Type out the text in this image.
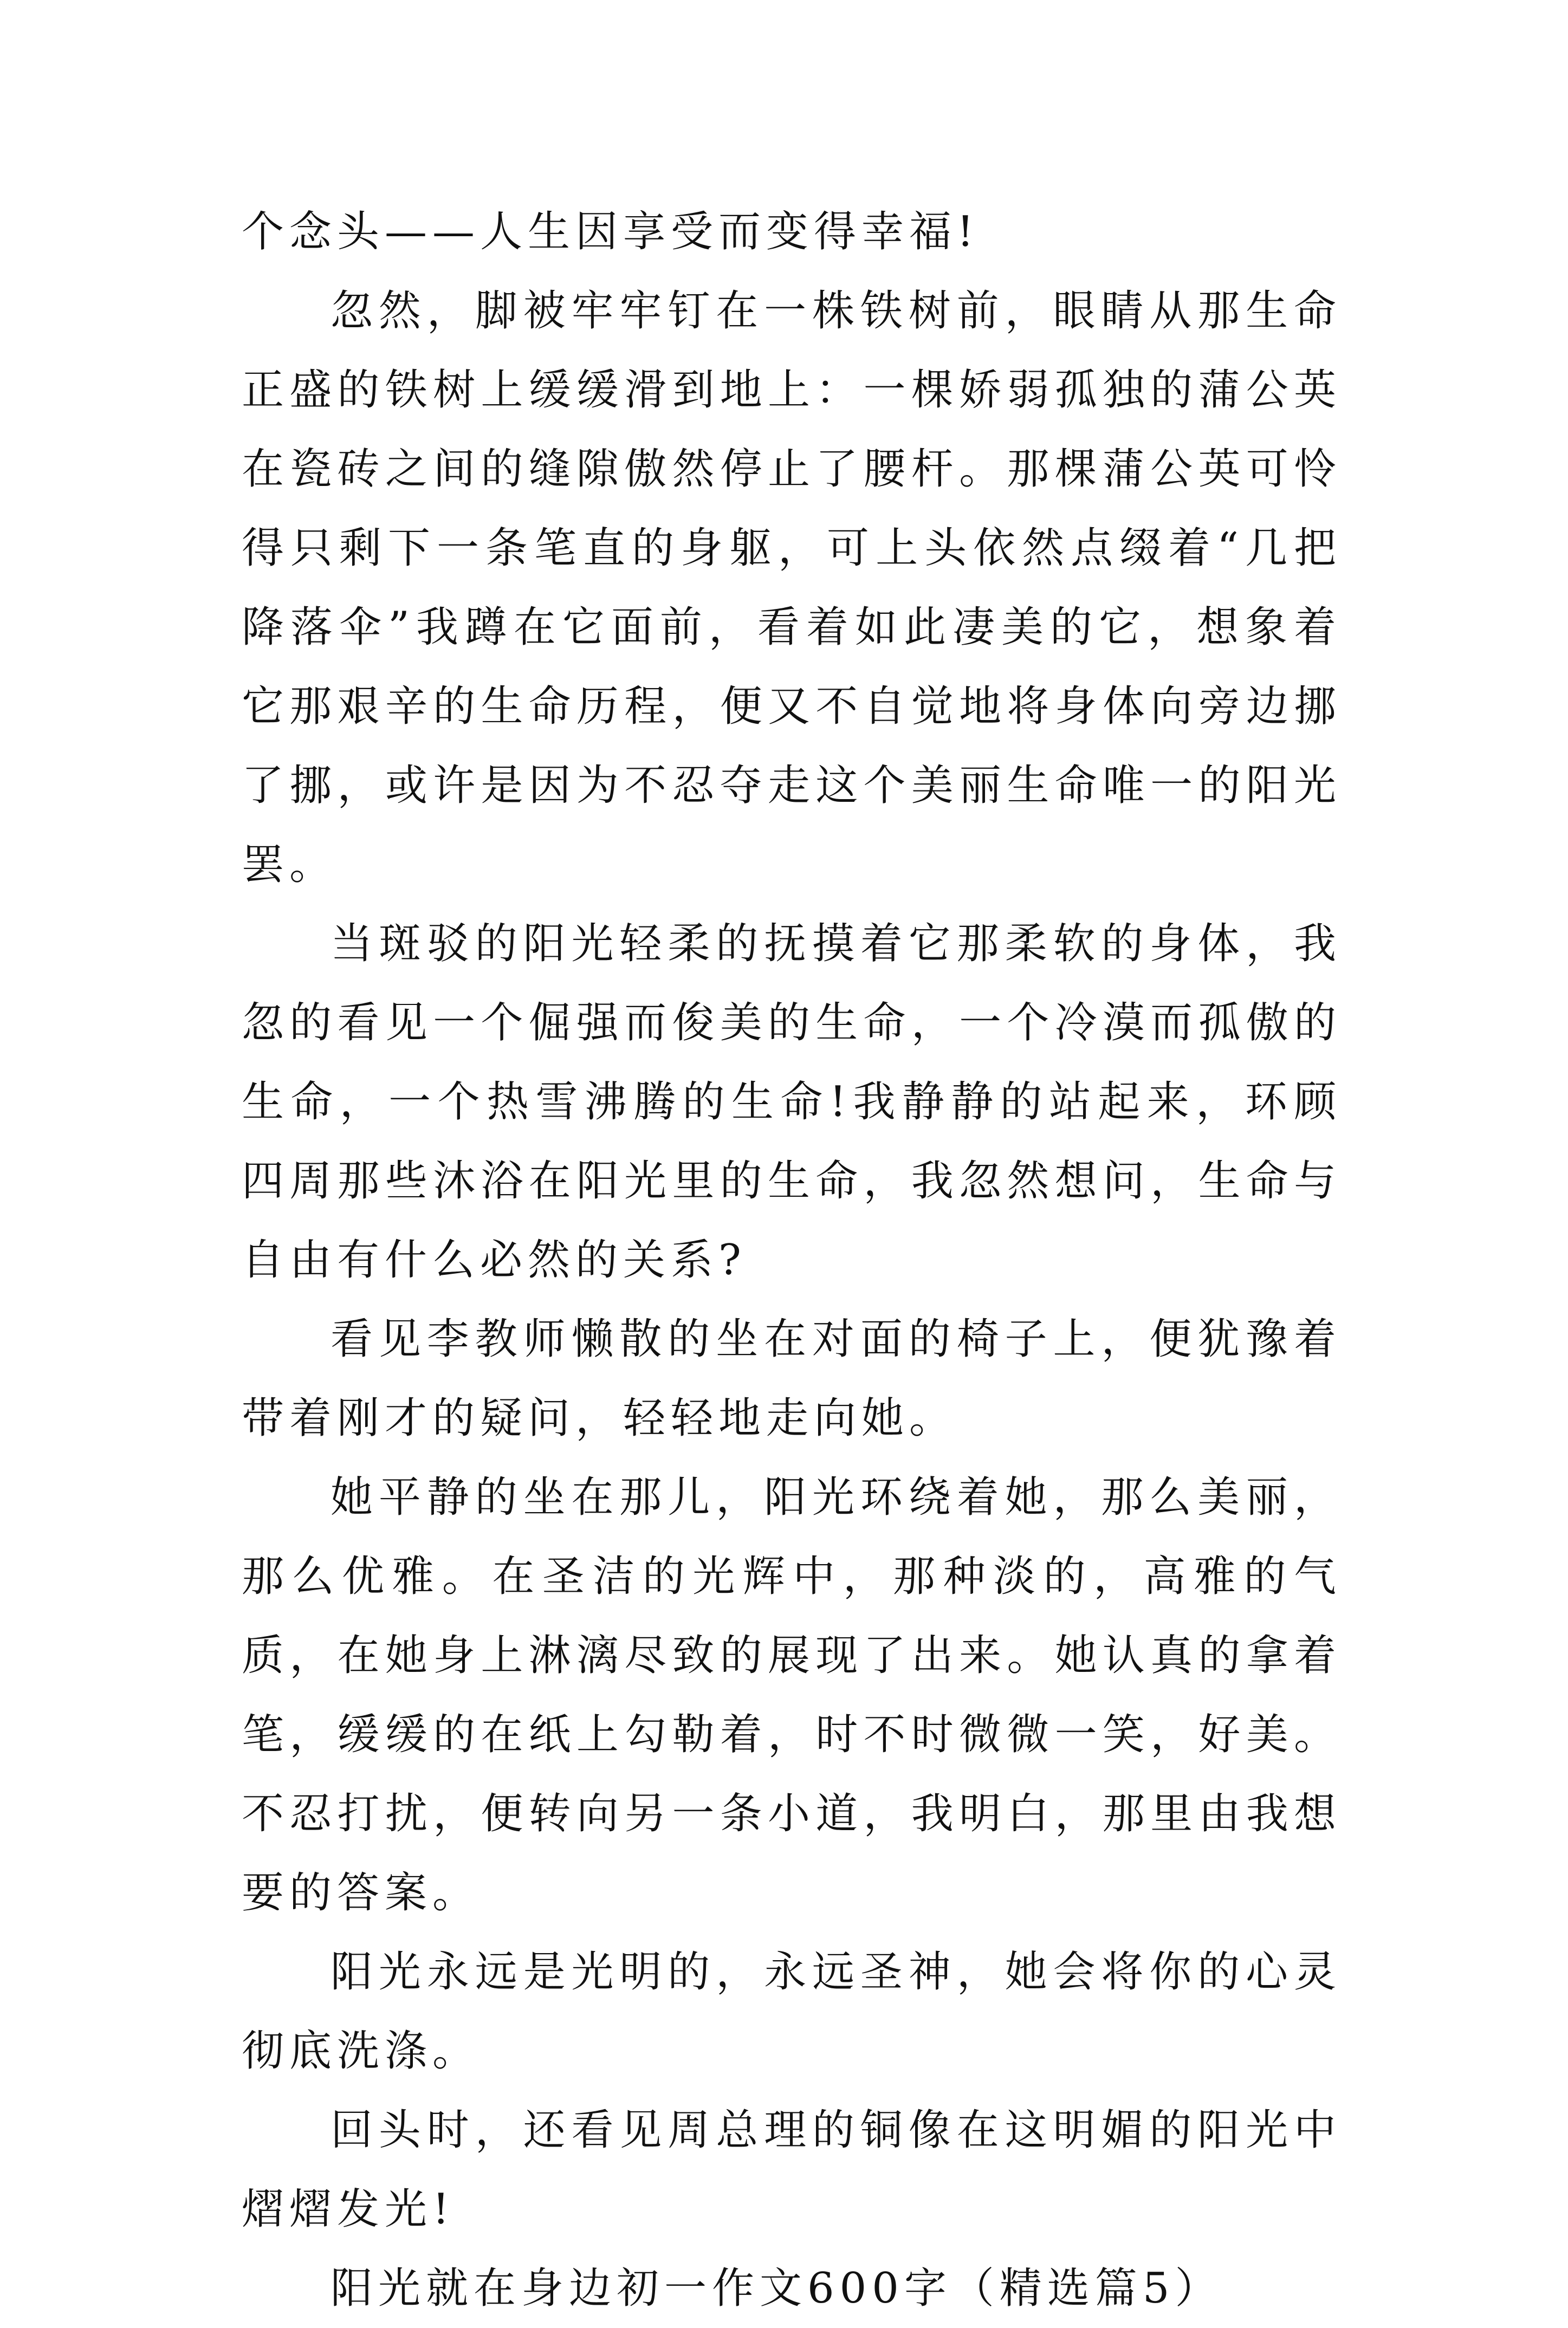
个念头——人生因享受而变得幸福!

忽然，脚被牢牢钉在一株铁树前，眼睛从那生命正盛的铁树上缓缓滑到地上：一棵娇弱孤独的蒲公英在瓷砖之间的缝隙傲然停止了腰杆。那棵蒲公英可怜得只剩下一条笔直的身躯，可上头依然点缀着“几把降落伞”我蹲在它面前，看着如此凄美的它，想象着它那艰辛的生命历程，便又不自觉地将身体向旁边挪了挪，或许是因为不忍夺走这个美丽生命唯一的阳光罢。

当斑驳的阳光轻柔的抚摸着它那柔软的身体，我忽的看见一个倔强而俊美的生命，一个冷漠而孤傲的生命，一个热雪沸腾的生命!我静静的站起来，环顾四周那些沐浴在阳光里的生命，我忽然想问，生命与自由有什么必然的关系?

看见李教师懒散的坐在对面的椅子上，便犹豫着带着刚才的疑问，轻轻地走向她。

她平静的坐在那儿，阳光环绕着她，那么美丽，那么优雅。在圣洁的光辉中，那种淡的，高雅的气质，在她身上淋漓尽致的展现了出来。她认真的拿着笔，缓缓的在纸上勾勒着，时不时微微一笑，好美。不忍打扰，便转向另一条小道，我明白，那里由我想要的答案。

阳光永远是光明的，永远圣神，她会将你的心灵彻底洗涤。

回头时，还看见周总理的铜像在这明媚的阳光中熠熠发光!

阳光就在身边初一作文600字（精选篇5）
